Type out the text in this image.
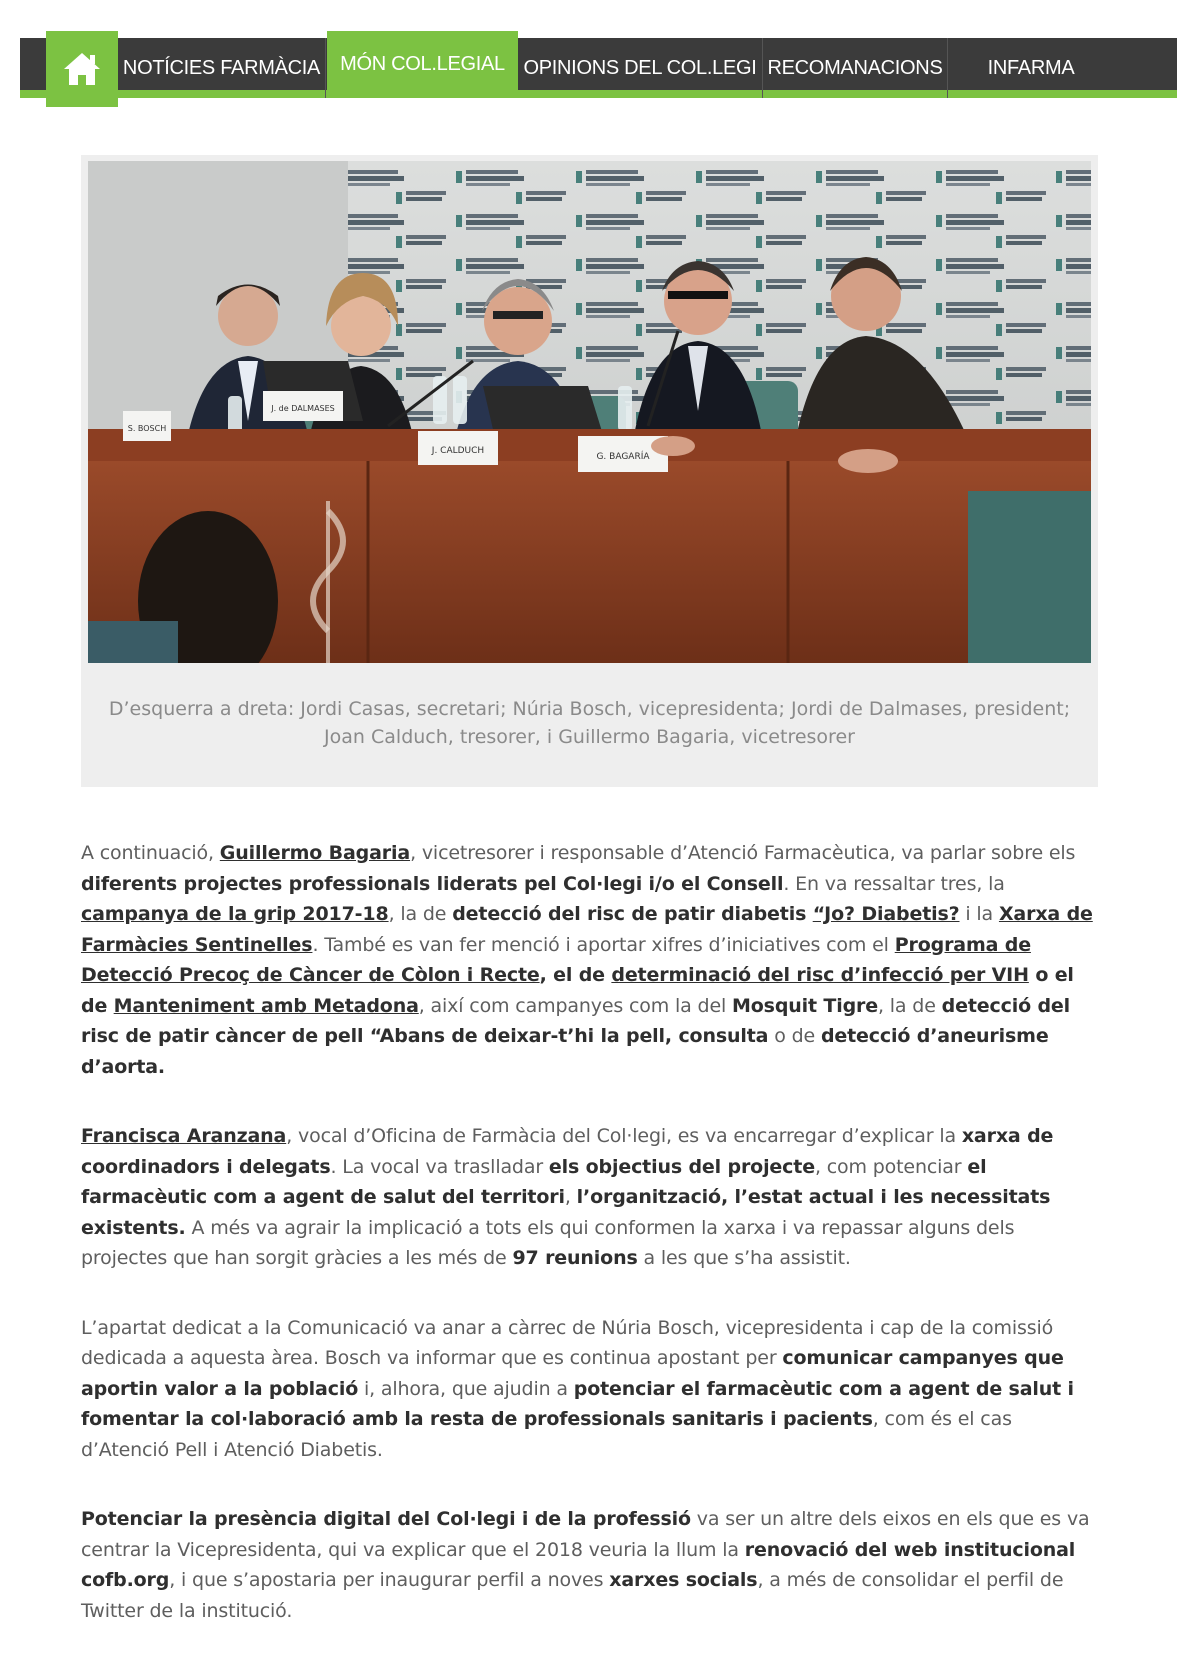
NOTÍCIES FARMÀCIA	MÓN COL.LEGIAL OPINIONS DEL COL.LEGI RECOMANACIONS	INFARMA
S. BOSCH
J. de DALMASES
J. CALDUCH
G. BAGARÍA
D’esquerra a dreta: Jordi Casas, secretari; Núria Bosch, vicepresidenta; Jordi de Dalmases, president;
Joan Calduch, tresorer, i Guillermo Bagaria, vicetresorer

A continuació, Guillermo Bagaria, vicetresorer i responsable d’Atenció Farmacèutica, va parlar sobre els diferents projectes professionals liderats pel Col·legi i/o el Consell. En va ressaltar tres, la campanya de la grip 2017-18, la de detecció del risc de patir diabetis “Jo? Diabetis? i la Xarxa de Farmàcies Sentinelles. També es van fer menció i aportar xifres d’iniciatives com el Programa de Detecció Precoç de Càncer de Còlon i Recte, el de determinació del risc d’infecció per VIH o el de Manteniment amb Metadona, així com campanyes com la del Mosquit Tigre, la de detecció del risc de patir càncer de pell “Abans de deixar-t’hi la pell, consulta o de detecció d’aneurisme d’aorta.

Francisca Aranzana, vocal d’Oficina de Farmàcia del Col·legi, es va encarregar d’explicar la xarxa de coordinadors i delegats. La vocal va traslladar els objectius del projecte, com potenciar el farmacèutic com a agent de salut del territori, l’organització, l’estat actual i les necessitats existents. A més va agrair la implicació a tots els qui conformen la xarxa i va repassar alguns dels projectes que han sorgit gràcies a les més de 97 reunions a les que s’ha assistit.

L’apartat dedicat a la Comunicació va anar a càrrec de Núria Bosch, vicepresidenta i cap de la comissió dedicada a aquesta àrea. Bosch va informar que es continua apostant per comunicar campanyes que aportin valor a la població i, alhora, que ajudin a potenciar el farmacèutic com a agent de salut i fomentar la col·laboració amb la resta de professionals sanitaris i pacients, com és el cas d’Atenció Pell i Atenció Diabetis.

Potenciar la presència digital del Col·legi i de la professió va ser un altre dels eixos en els que es va centrar la Vicepresidenta, qui va explicar que el 2018 veuria la llum la renovació del web institucional cofb.org, i que s’apostaria per inaugurar perfil a noves xarxes socials, a més de consolidar el perfil de Twitter de la institució.
